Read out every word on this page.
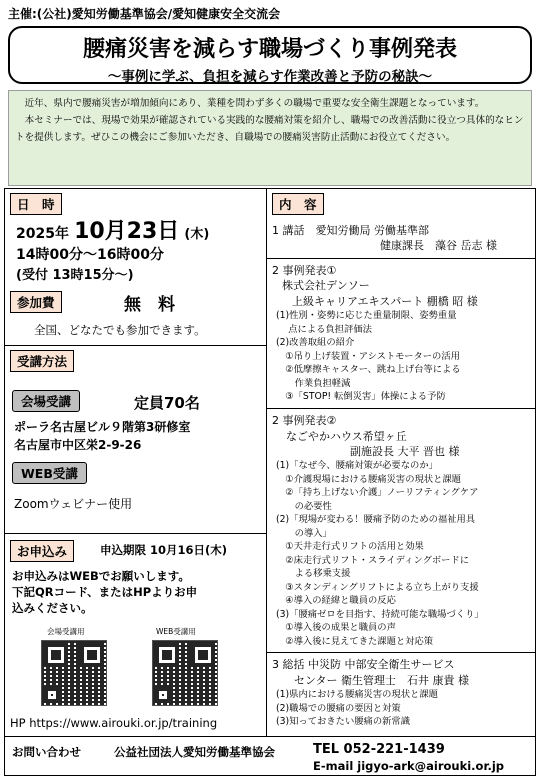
主催:(公社)愛知労働基準協会/愛知健康安全交流会
腰痛災害を減らす職場づくり事例発表
～事例に学ぶ、負担を減らす作業改善と予防の秘訣～

近年、県内で腰痛災害が増加傾向にあり、業種を問わず多くの職場で重要な安全衛生課題となっています。

本セミナーでは、現場で効果が確認されている実践的な腰痛対策を紹介し、職場での改善活動に役立つ具体的なヒントを提供します。ぜひこの機会にご参加いただき、自職場での腰痛災害防止活動にお役立てください。

日　時
2025年 10月23日 (木)
14時00分～16時00分
(受付 13時15分～)
参加費	無　料
全国、どなたでも参加できます。
受講方法
会場受講	定員70名
ポーラ名古屋ビル９階第3研修室
名古屋市中区栄2-9-26
WEB受講
Zoomウェビナー使用
お申込み	申込期限 10月16日(木)
お申込みはWEBでお願いします。
下記QRコード、またはHPよりお申
込みください。
会場受講用	WEB受講用
HP https://www.airouki.or.jp/training
内　容
1 講話　愛知労働局 労働基準部
健康課長　藻谷 岳志 様
2 事例発表①
株式会社デンソー
上級キャリアエキスパート 棚橋 昭 様
(1)性別・姿勢に応じた重量制限、姿勢重量
　 点による負担評価法
(2)改善取組の紹介
　①吊り上げ装置・アシストモーターの活用
　②低摩擦キャスター、跳ね上げ台等による
　　作業負担軽減
　③「STOP! 転倒災害」体操による予防
2 事例発表②
なごやかハウス希望ヶ丘
副施設長 大平 晋也 様
(1)「なぜ今、腰痛対策が必要なのか」
　①介護現場における腰痛災害の現状と課題
　②「持ち上げない介護」ノーリフティングケア
　　の必要性
(2)「現場が変わる！腰痛予防のための福祉用具
　　の導入」
　①天井走行式リフトの活用と効果
　②床走行式リフト・スライディングボードに
　　よる移乗支援
　③スタンディングリフトによる立ち上がり支援
　④導入の経緯と職員の反応
(3)「腰痛ゼロを目指す、持続可能な職場づくり」
　①導入後の成果と職員の声
　②導入後に見えてきた課題と対応策
3 総括 中災防 中部安全衛生サービス
センター 衛生管理士　石井 康貴 様
(1)県内における腰痛災害の現状と課題
(2)職場での腰痛の要因と対策
(3)知っておきたい腰痛の新常識
お問い合わせ	公益社団法人愛知労働基準協会	TEL 052-221-1439
E-mail jigyo-ark@airouki.or.jp
